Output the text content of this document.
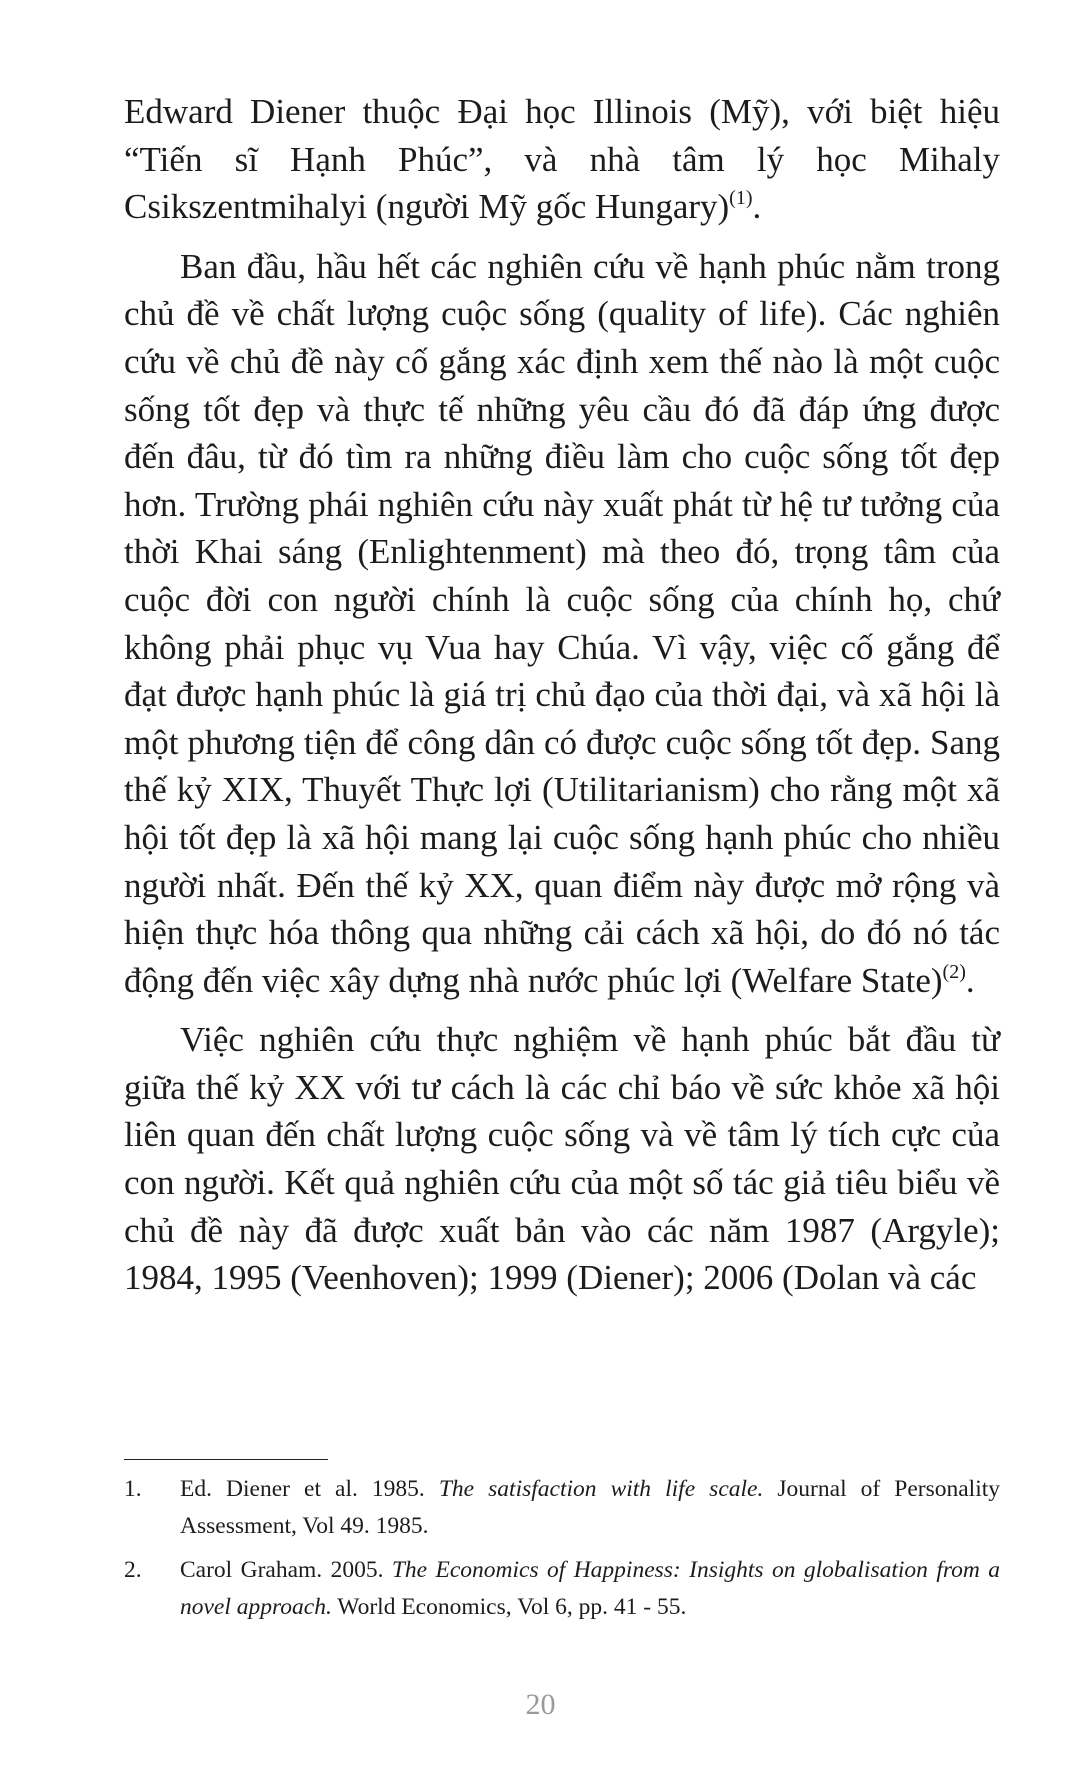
Edward Diener thuộc Đại học Illinois (Mỹ), với biệt hiệu “Tiến sĩ Hạnh Phúc”, và nhà tâm lý học Mihaly Csikszentmihalyi (người Mỹ gốc Hungary)$^{(1)}$.

Ban đầu, hầu hết các nghiên cứu về hạnh phúc nằm trong chủ đề về chất lượng cuộc sống (quality of life). Các nghiên cứu về chủ đề này cố gắng xác định xem thế nào là một cuộc sống tốt đẹp và thực tế những yêu cầu đó đã đáp ứng được đến đâu, từ đó tìm ra những điều làm cho cuộc sống tốt đẹp hơn. Trường phái nghiên cứu này xuất phát từ hệ tư tưởng của thời Khai sáng (Enlightenment) mà theo đó, trọng tâm của cuộc đời con người chính là cuộc sống của chính họ, chứ không phải phục vụ Vua hay Chúa. Vì vậy, việc cố gắng để đạt được hạnh phúc là giá trị chủ đạo của thời đại, và xã hội là một phương tiện để công dân có được cuộc sống tốt đẹp. Sang thế kỷ XIX, Thuyết Thực lợi (Utilitarianism) cho rằng một xã hội tốt đẹp là xã hội mang lại cuộc sống hạnh phúc cho nhiều người nhất. Đến thế kỷ XX, quan điểm này được mở rộng và hiện thực hóa thông qua những cải cách xã hội, do đó nó tác động đến việc xây dựng nhà nước phúc lợi (Welfare State)$^{(2)}$.

Việc nghiên cứu thực nghiệm về hạnh phúc bắt đầu từ giữa thế kỷ XX với tư cách là các chỉ báo về sức khỏe xã hội liên quan đến chất lượng cuộc sống và về tâm lý tích cực của con người. Kết quả nghiên cứu của một số tác giả tiêu biểu về chủ đề này đã được xuất bản vào các năm 1987 (Argyle); 1984, 1995 (Veenhoven); 1999 (Diener); 2006 (Dolan và các

1.	Ed. Diener et al. 1985. The satisfaction with life scale. Journal of Personality Assessment, Vol 49. 1985.
2.	Carol Graham. 2005. The Economics of Happiness: Insights on globalisation from a novel approach. World Economics, Vol 6, pp. 41 - 55.
20
